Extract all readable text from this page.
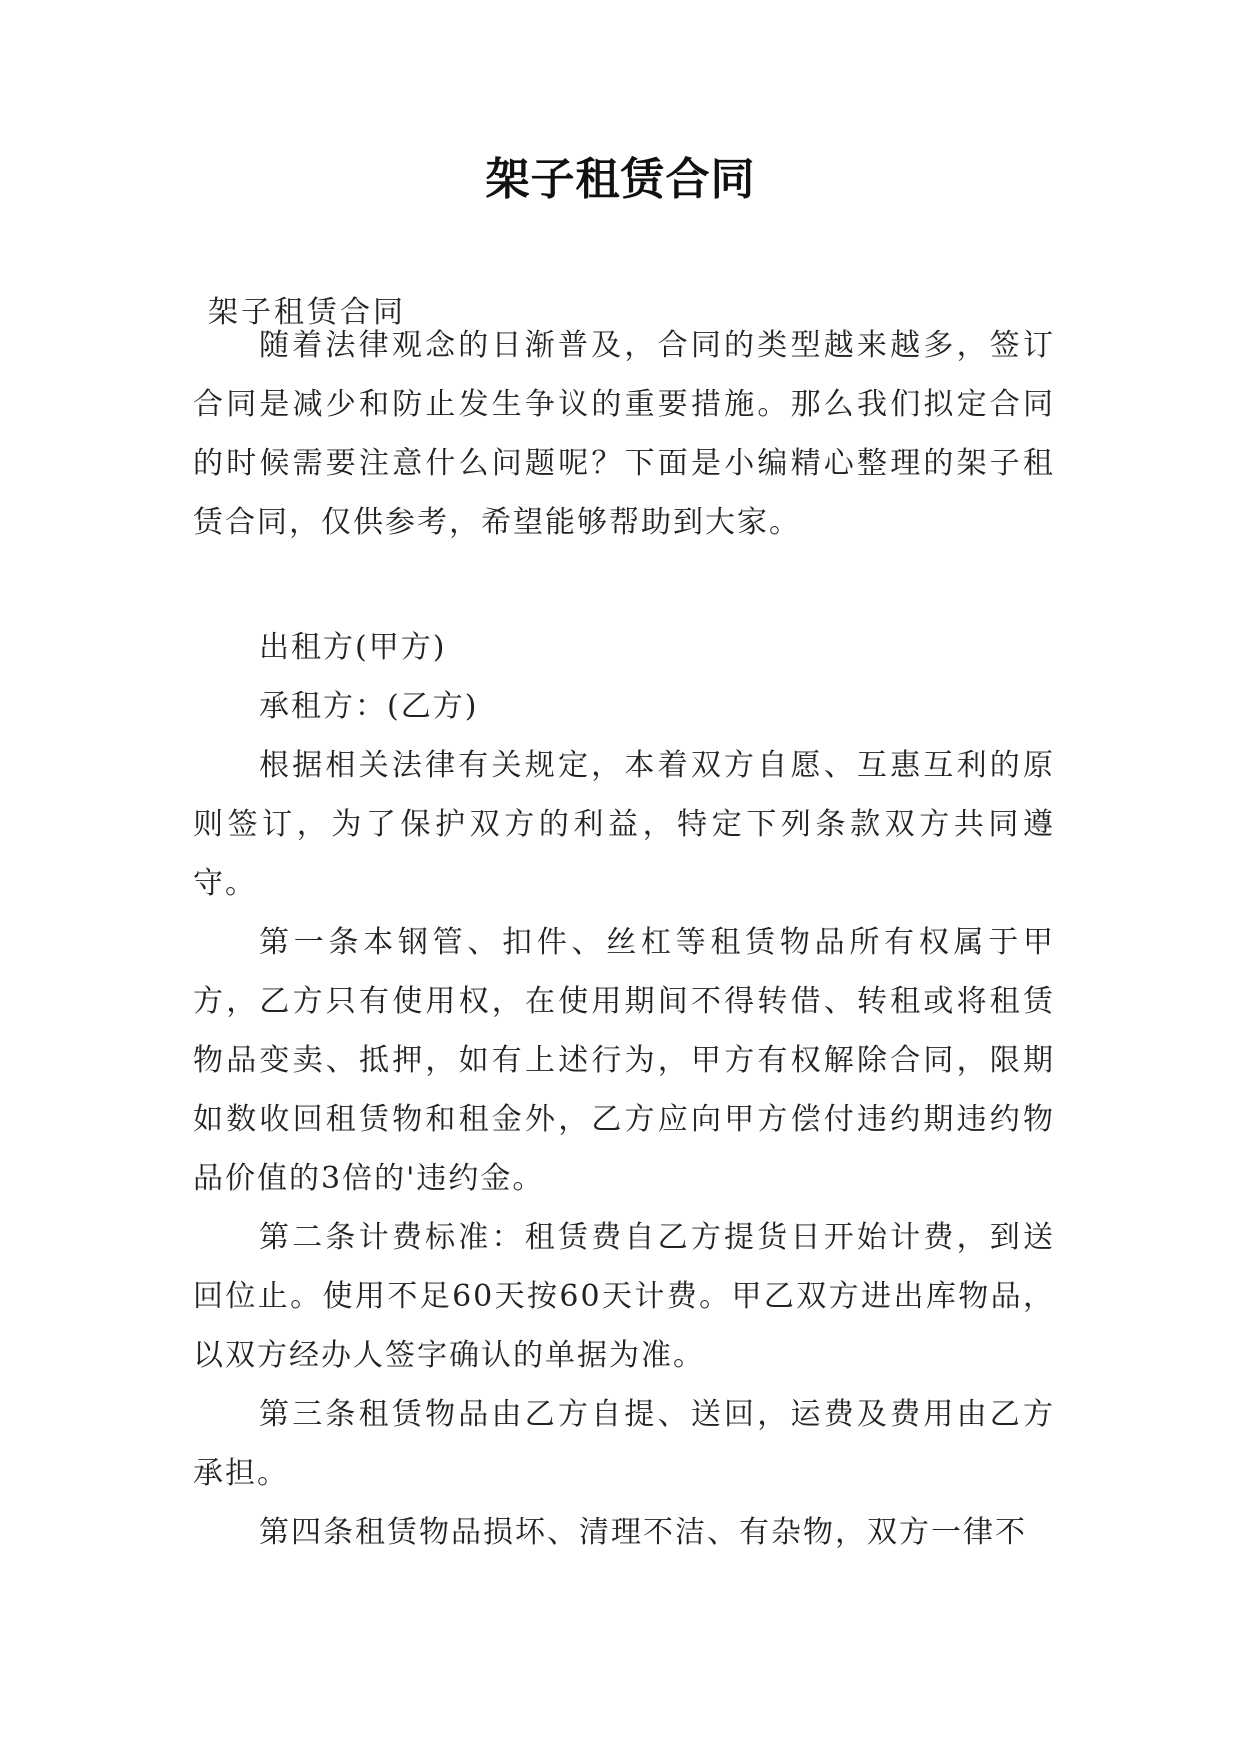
架子租赁合同

架子租赁合同

随着法律观念的日渐普及，合同的类型越来越多，签订合同是减少和防止发生争议的重要措施。那么我们拟定合同的时候需要注意什么问题呢？下面是小编精心整理的架子租赁合同，仅供参考，希望能够帮助到大家。

出租方(甲方)

承租方：(乙方)

根据相关法律有关规定，本着双方自愿、互惠互利的原则签订，为了保护双方的利益，特定下列条款双方共同遵守。

第一条本钢管、扣件、丝杠等租赁物品所有权属于甲方，乙方只有使用权，在使用期间不得转借、转租或将租赁物品变卖、抵押，如有上述行为，甲方有权解除合同，限期如数收回租赁物和租金外，乙方应向甲方偿付违约期违约物品价值的3倍的'违约金。

第二条计费标准：租赁费自乙方提货日开始计费，到送回位止。使用不足60天按60天计费。甲乙双方进出库物品，以双方经办人签字确认的单据为准。

第三条租赁物品由乙方自提、送回，运费及费用由乙方承担。

第四条租赁物品损坏、清理不洁、有杂物，双方一律不
